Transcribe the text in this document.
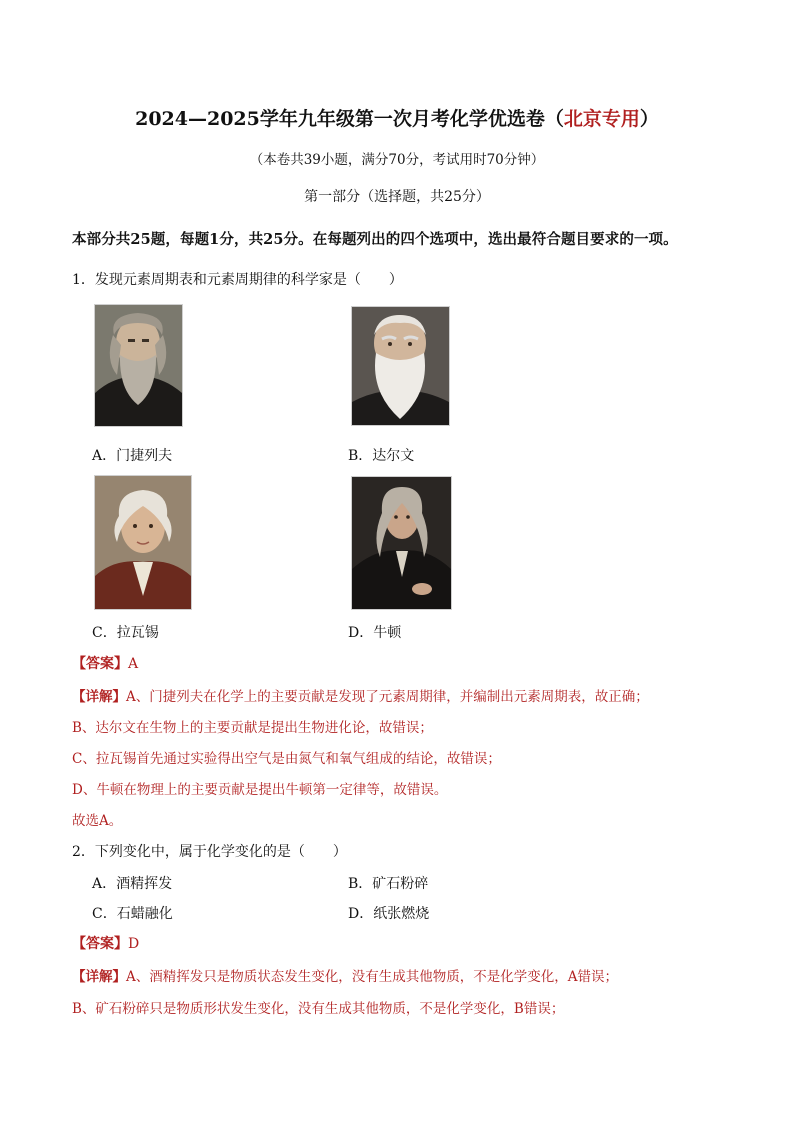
2024—2025学年九年级第一次月考化学优选卷（北京专用）
（本卷共39小题，满分70分，考试用时70分钟）
第一部分（选择题，共25分）
本部分共25题，每题1分，共25分。在每题列出的四个选项中，选出最符合题目要求的一项。
1．发现元素周期表和元素周期律的科学家是（　　）
A．门捷列夫	B．达尔文
C．拉瓦锡	D．牛顿
【答案】A
【详解】A、门捷列夫在化学上的主要贡献是发现了元素周期律，并编制出元素周期表，故正确；
B、达尔文在生物上的主要贡献是提出生物进化论，故错误；
C、拉瓦锡首先通过实验得出空气是由氮气和氧气组成的结论，故错误；
D、牛顿在物理上的主要贡献是提出牛顿第一定律等，故错误。
故选A。
2．下列变化中，属于化学变化的是（　　）
A．酒精挥发	B．矿石粉碎
C．石蜡融化	D．纸张燃烧
【答案】D
【详解】A、酒精挥发只是物质状态发生变化，没有生成其他物质，不是化学变化，A错误；
B、矿石粉碎只是物质形状发生变化，没有生成其他物质，不是化学变化，B错误；
